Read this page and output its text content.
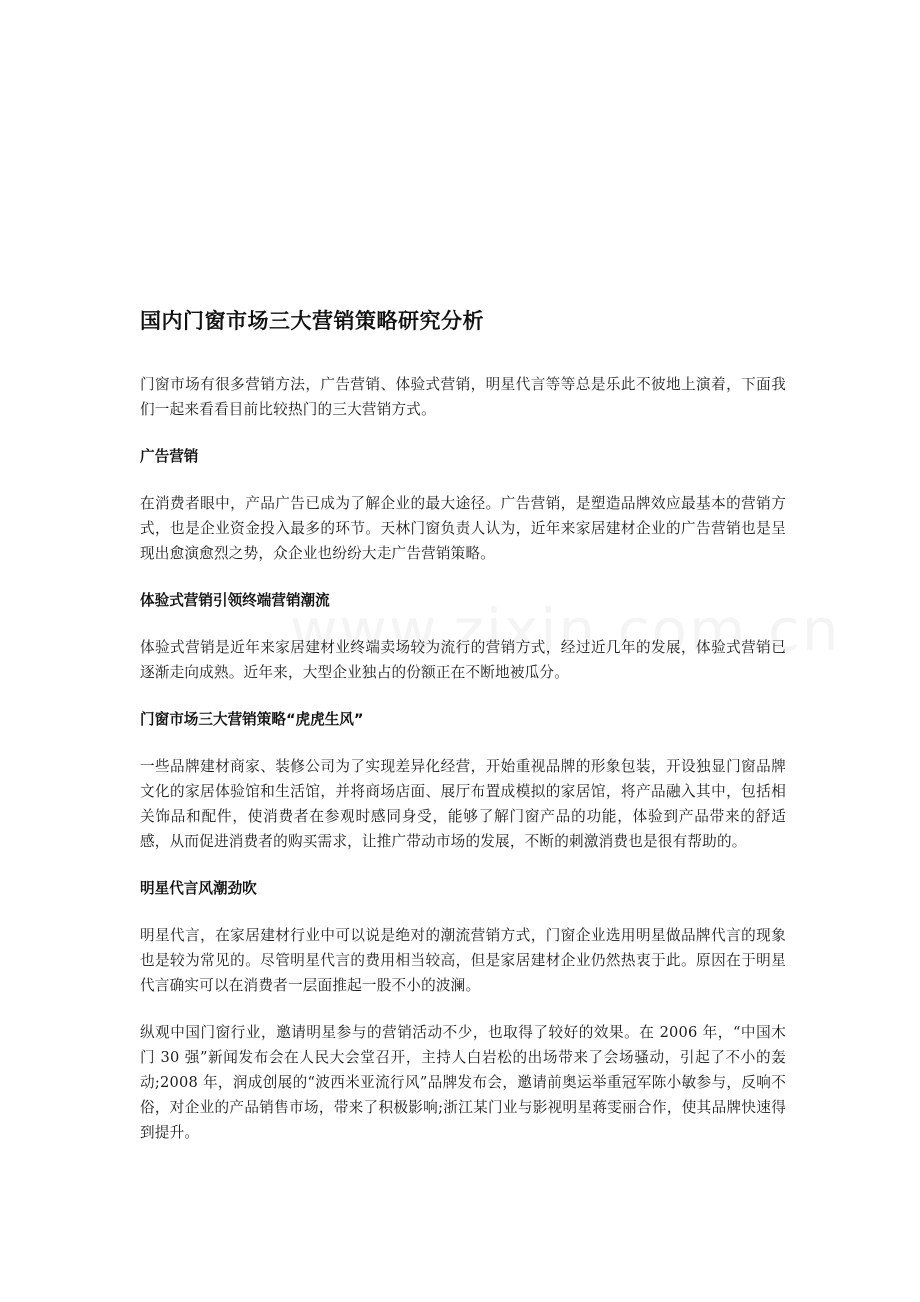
国内门窗市场三大营销策略研究分析

门窗市场有很多营销方法，广告营销、体验式营销，明星代言等等总是乐此不彼地上演着，下面我们一起来看看目前比较热门的三大营销方式。

广告营销

在消费者眼中，产品广告已成为了解企业的最大途径。广告营销，是塑造品牌效应最基本的营销方式，也是企业资金投入最多的环节。天林门窗负责人认为，近年来家居建材企业的广告营销也是呈现出愈演愈烈之势，众企业也纷纷大走广告营销策略。

体验式营销引领终端营销潮流

体验式营销是近年来家居建材业终端卖场较为流行的营销方式，经过近几年的发展，体验式营销已逐渐走向成熟。近年来，大型企业独占的份额正在不断地被瓜分。

门窗市场三大营销策略“虎虎生风”

一些品牌建材商家、装修公司为了实现差异化经营，开始重视品牌的形象包装，开设独显门窗品牌文化的家居体验馆和生活馆，并将商场店面、展厅布置成模拟的家居馆，将产品融入其中，包括相关饰品和配件，使消费者在参观时感同身受，能够了解门窗产品的功能，体验到产品带来的舒适感，从而促进消费者的购买需求，让推广带动市场的发展，不断的刺激消费也是很有帮助的。

明星代言风潮劲吹

明星代言，在家居建材行业中可以说是绝对的潮流营销方式，门窗企业选用明星做品牌代言的现象也是较为常见的。尽管明星代言的费用相当较高，但是家居建材企业仍然热衷于此。原因在于明星代言确实可以在消费者一层面推起一股不小的波澜。

纵观中国门窗行业，邀请明星参与的营销活动不少，也取得了较好的效果。在 2006 年，“中国木门 30 强”新闻发布会在人民大会堂召开，主持人白岩松的出场带来了会场骚动，引起了不小的轰动;2008 年，润成创展的“波西米亚流行风”品牌发布会，邀请前奥运举重冠军陈小敏参与，反响不俗，对企业的产品销售市场，带来了积极影响;浙江某门业与影视明星蒋雯丽合作，使其品牌快速得到提升。
